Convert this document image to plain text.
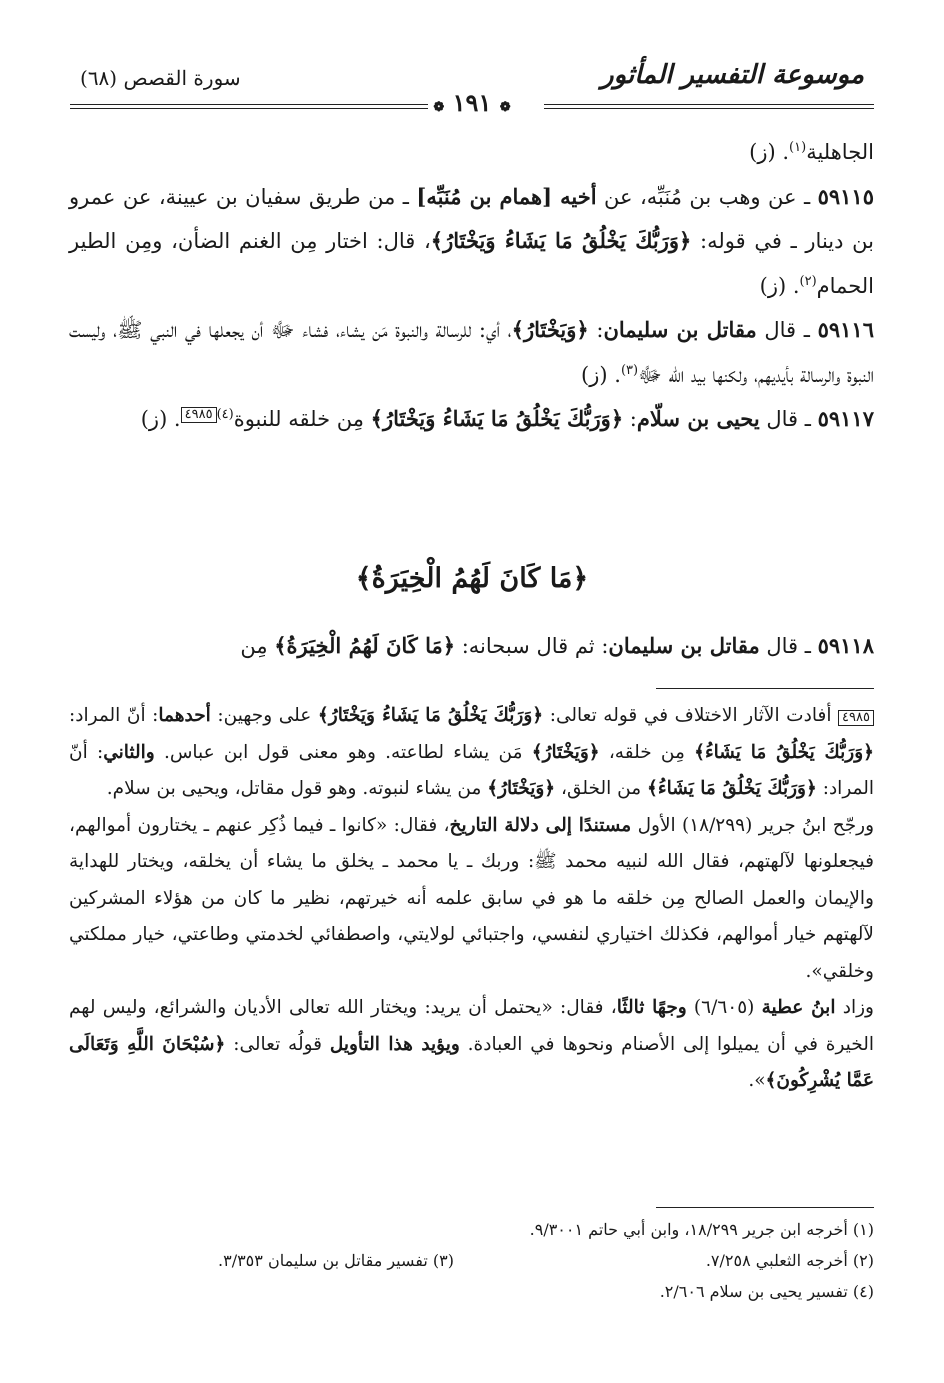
موسوعة التفسير المأثور
سورة القصص (٦٨)
❁ ١٩١ ❁

الجاهلية$^{(١)}$. (ز)

٥٩١١٥ ـ عن وهب بن مُنَبِّه، عن أخيه [همام بن مُنَبِّه] ـ من طريق سفيان بن عيينة، عن عمرو بن دينار ـ في قوله: ﴿وَرَبُّكَ يَخْلُقُ مَا يَشَاءُ وَيَخْتَارُ﴾، قال: اختار مِن الغنم الضأن، ومِن الطير الحمام$^{(٢)}$. (ز)

٥٩١١٦ ـ قال مقاتل بن سليمان: ﴿وَيَخْتَارُ﴾، أي: للرسالة والنبوة مَن يشاء، فشاء ﷻ أن يجعلها في النبي ﷺ، وليست النبوة والرسالة بأيديهم، ولكنها بيد الله ﷻ$^{(٣)}$. (ز)

٥٩١١٧ ـ قال يحيى بن سلّام: ﴿وَرَبُّكَ يَخْلُقُ مَا يَشَاءُ وَيَخْتَارُ﴾ مِن خلقه للنبوة$^{(٤)}$٤٩٨٥. (ز)

﴿مَا كَانَ لَهُمُ الْخِيَرَةُ﴾

٥٩١١٨ ـ قال مقاتل بن سليمان: ثم قال سبحانه: ﴿مَا كَانَ لَهُمُ الْخِيَرَةُ﴾ مِن

٤٩٨٥ أفادت الآثار الاختلاف في قوله تعالى: ﴿وَرَبُّكَ يَخْلُقُ مَا يَشَاءُ وَيَخْتَارُ﴾ على وجهين: أحدهما: أنّ المراد: ﴿وَرَبُّكَ يَخْلُقُ مَا يَشَاءُ﴾ مِن خلقه، ﴿وَيَخْتَارُ﴾ مَن يشاء لطاعته. وهو معنى قول ابن عباس. والثاني: أنّ المراد: ﴿وَرَبُّكَ يَخْلُقُ مَا يَشَاءُ﴾ من الخلق، ﴿وَيَخْتَارُ﴾ من يشاء لنبوته. وهو قول مقاتل، ويحيى بن سلام.

ورجّح ابنُ جرير (١٨/٢٩٩) الأول مستندًا إلى دلالة التاريخ، فقال: «كانوا ـ فيما ذُكِر عنهم ـ يختارون أموالهم، فيجعلونها لآلهتهم، فقال الله لنبيه محمد ﷺ: وربك ـ يا محمد ـ يخلق ما يشاء أن يخلقه، ويختار للهداية والإيمان والعمل الصالح مِن خلقه ما هو في سابق علمه أنه خيرتهم، نظير ما كان من هؤلاء المشركين لآلهتهم خيار أموالهم، فكذلك اختياري لنفسي، واجتبائي لولايتي، واصطفائي لخدمتي وطاعتي، خيار مملكتي وخلقي».

وزاد ابنُ عطية (٦/٦٠٥) وجهًا ثالثًا، فقال: «يحتمل أن يريد: ويختار الله تعالى الأديان والشرائع، وليس لهم الخيرة في أن يميلوا إلى الأصنام ونحوها في العبادة. ويؤيد هذا التأويل قولُه تعالى: ﴿سُبْحَانَ اللَّهِ وَتَعَالَى عَمَّا يُشْرِكُونَ﴾».

(١) أخرجه ابن جرير ١٨/٢٩٩، وابن أبي حاتم ٩/٣٠٠١.
(٢) أخرجه الثعلبي ٧/٢٥٨.
(٣) تفسير مقاتل بن سليمان ٣/٣٥٣.
(٤) تفسير يحيى بن سلام ٢/٦٠٦.
